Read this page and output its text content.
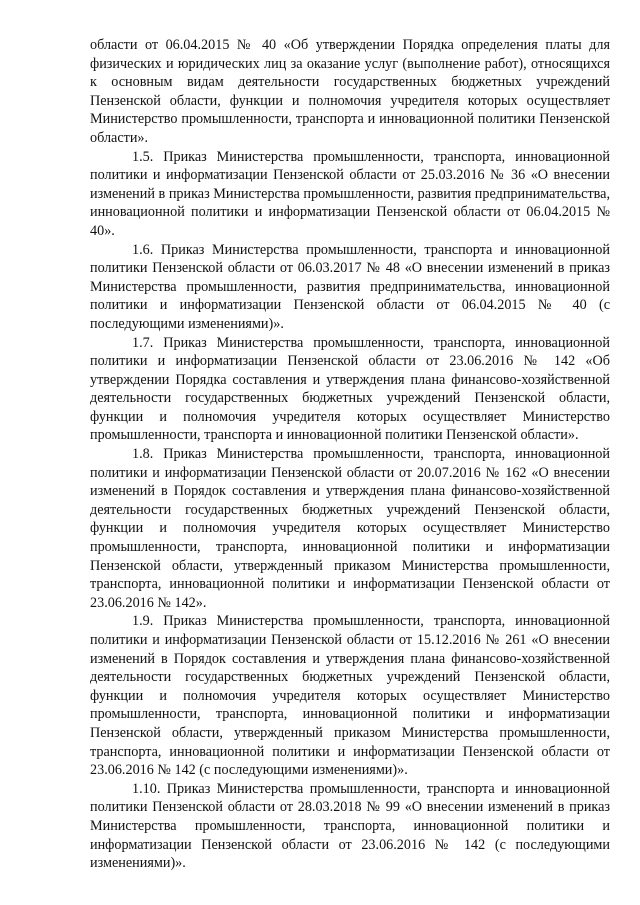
области от 06.04.2015 № 40 «Об утверждении Порядка определения платы для физических и юридических лиц за оказание услуг (выполнение работ), относящихся к основным видам деятельности государственных бюджетных учреждений Пензенской области, функции и полномочия учредителя которых осуществляет Министерство промышленности, транспорта и инновационной политики Пензенской области».

1.5. Приказ Министерства промышленности, транспорта, инновационной политики и информатизации Пензенской области от 25.03.2016 № 36 «О внесении изменений в приказ Министерства промышленности, развития предпринимательства, инновационной политики и информатизации Пензенской области от 06.04.2015 № 40».

1.6. Приказ Министерства промышленности, транспорта и инновационной политики Пензенской области от 06.03.2017 № 48 «О внесении изменений в приказ Министерства промышленности, развития предпринимательства, инновационной политики и информатизации Пензенской области от 06.04.2015 № 40 (с последующими изменениями)».

1.7. Приказ Министерства промышленности, транспорта, инновационной политики и информатизации Пензенской области от 23.06.2016 № 142 «Об утверждении Порядка составления и утверждения плана финансово-хозяйственной деятельности государственных бюджетных учреждений Пензенской области, функции и полномочия учредителя которых осуществляет Министерство промышленности, транспорта и инновационной политики Пензенской области».

1.8. Приказ Министерства промышленности, транспорта, инновационной политики и информатизации Пензенской области от 20.07.2016 № 162 «О внесении изменений в Порядок составления и утверждения плана финансово-хозяйственной деятельности государственных бюджетных учреждений Пензенской области, функции и полномочия учредителя которых осуществляет Министерство промышленности, транспорта, инновационной политики и информатизации Пензенской области, утвержденный приказом Министерства промышленности, транспорта, инновационной политики и информатизации Пензенской области от 23.06.2016 № 142».

1.9. Приказ Министерства промышленности, транспорта, инновационной политики и информатизации Пензенской области от 15.12.2016 № 261 «О внесении изменений в Порядок составления и утверждения плана финансово-хозяйственной деятельности государственных бюджетных учреждений Пензенской области, функции и полномочия учредителя которых осуществляет Министерство промышленности, транспорта, инновационной политики и информатизации Пензенской области, утвержденный приказом Министерства промышленности, транспорта, инновационной политики и информатизации Пензенской области от 23.06.2016 № 142 (с последующими изменениями)».

1.10. Приказ Министерства промышленности, транспорта и инновационной политики Пензенской области от 28.03.2018 № 99 «О внесении изменений в приказ Министерства промышленности, транспорта, инновационной политики и информатизации Пензенской области от 23.06.2016 № 142 (с последующими изменениями)».
